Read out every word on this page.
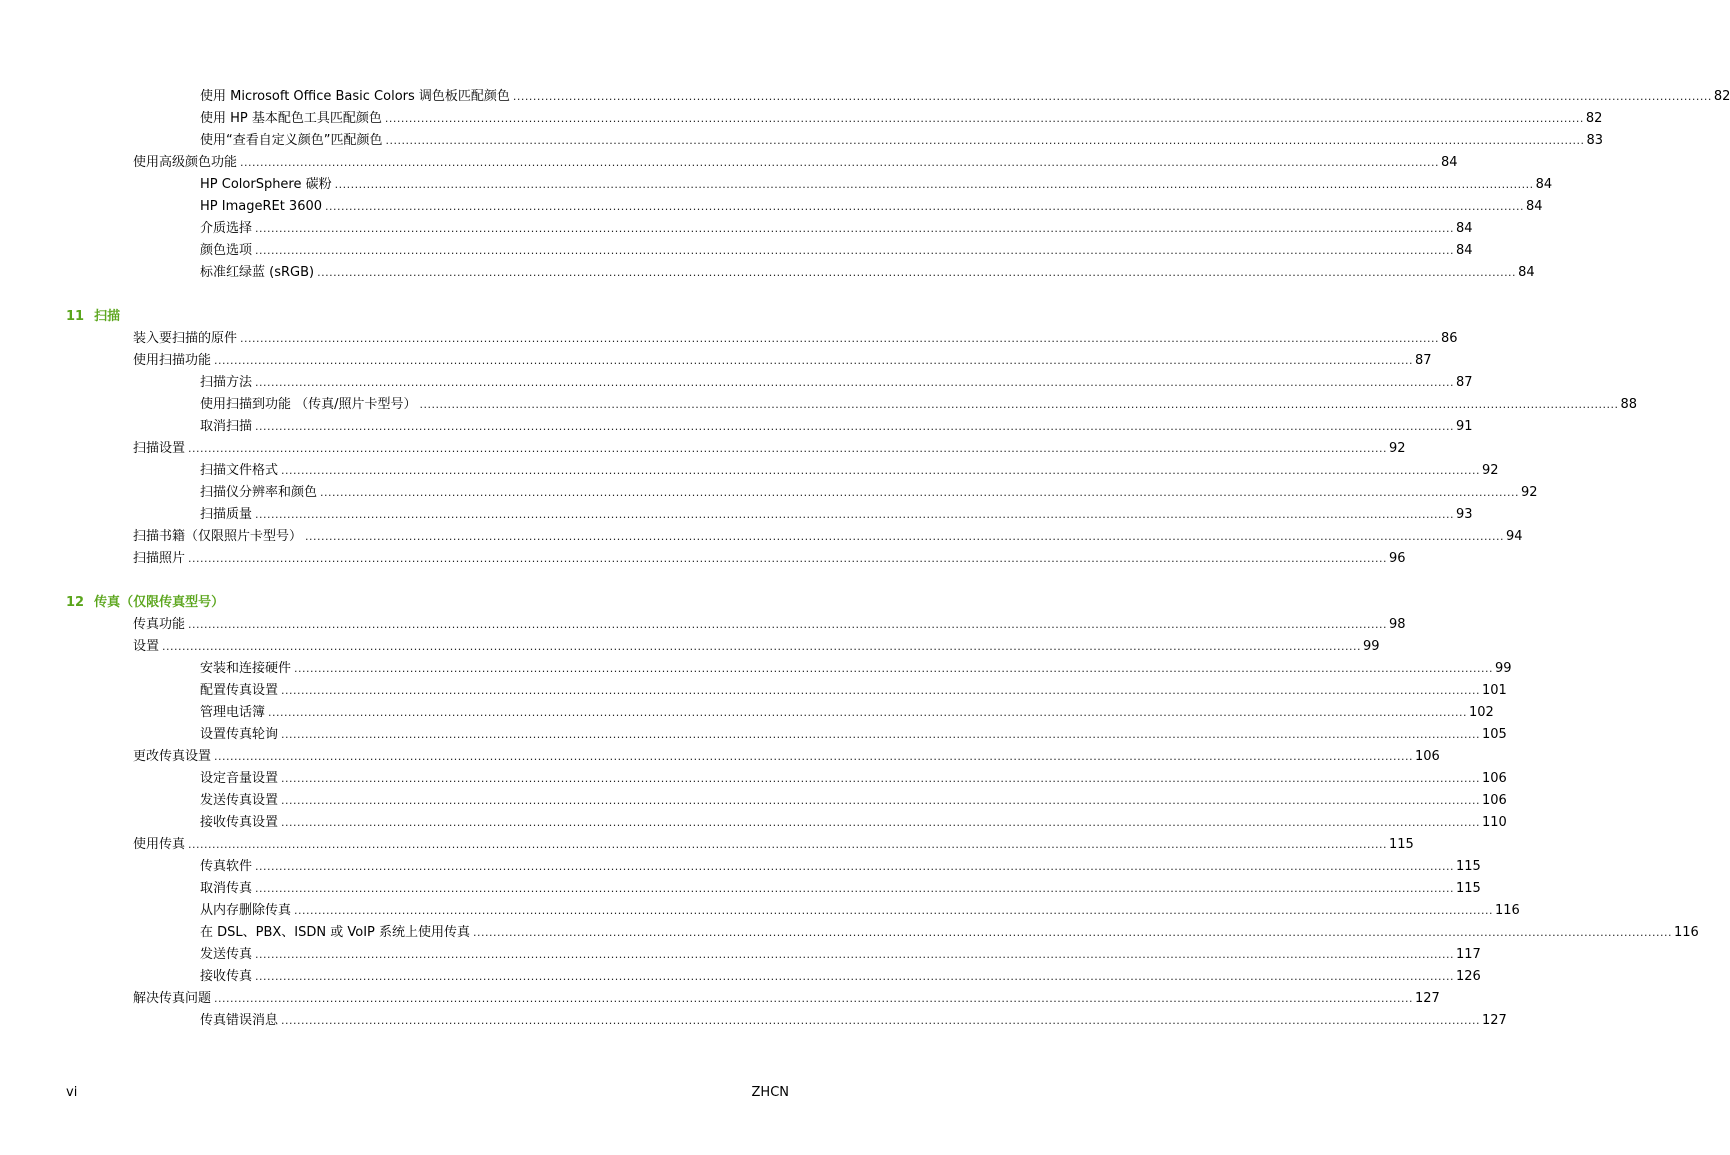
使用 Microsoft Office Basic Colors 调色板匹配颜色 ............................................................................................................................................................................................................................................................................................................ 82
使用 HP 基本配色工具匹配颜色 ............................................................................................................................................................................................................................................................................................................ 82
使用“查看自定义颜色”匹配颜色 ............................................................................................................................................................................................................................................................................................................ 83
使用高级颜色功能 ............................................................................................................................................................................................................................................................................................................ 84
HP ColorSphere 碳粉 ............................................................................................................................................................................................................................................................................................................ 84
HP ImageREt 3600 ............................................................................................................................................................................................................................................................................................................ 84
介质选择 ............................................................................................................................................................................................................................................................................................................ 84
颜色选项 ............................................................................................................................................................................................................................................................................................................ 84
标准红绿蓝 (sRGB) ............................................................................................................................................................................................................................................................................................................ 84
11 扫描
装入要扫描的原件 ............................................................................................................................................................................................................................................................................................................ 86
使用扫描功能 ............................................................................................................................................................................................................................................................................................................ 87
扫描方法 ............................................................................................................................................................................................................................................................................................................ 87
使用扫描到功能 （传真/照片卡型号） ............................................................................................................................................................................................................................................................................................................ 88
取消扫描 ............................................................................................................................................................................................................................................................................................................ 91
扫描设置 ............................................................................................................................................................................................................................................................................................................ 92
扫描文件格式 ............................................................................................................................................................................................................................................................................................................ 92
扫描仪分辨率和颜色 ............................................................................................................................................................................................................................................................................................................ 92
扫描质量 ............................................................................................................................................................................................................................................................................................................ 93
扫描书籍（仅限照片卡型号） ............................................................................................................................................................................................................................................................................................................ 94
扫描照片 ............................................................................................................................................................................................................................................................................................................ 96
12 传真（仅限传真型号）
传真功能 ............................................................................................................................................................................................................................................................................................................ 98
设置 ............................................................................................................................................................................................................................................................................................................ 99
安装和连接硬件 ............................................................................................................................................................................................................................................................................................................ 99
配置传真设置 ............................................................................................................................................................................................................................................................................................................ 101
管理电话簿 ............................................................................................................................................................................................................................................................................................................ 102
设置传真轮询 ............................................................................................................................................................................................................................................................................................................ 105
更改传真设置 ............................................................................................................................................................................................................................................................................................................ 106
设定音量设置 ............................................................................................................................................................................................................................................................................................................ 106
发送传真设置 ............................................................................................................................................................................................................................................................................................................ 106
接收传真设置 ............................................................................................................................................................................................................................................................................................................ 110
使用传真 ............................................................................................................................................................................................................................................................................................................ 115
传真软件 ............................................................................................................................................................................................................................................................................................................ 115
取消传真 ............................................................................................................................................................................................................................................................................................................ 115
从内存删除传真 ............................................................................................................................................................................................................................................................................................................ 116
在 DSL、PBX、ISDN 或 VoIP 系统上使用传真 ............................................................................................................................................................................................................................................................................................................ 116
发送传真 ............................................................................................................................................................................................................................................................................................................ 117
接收传真 ............................................................................................................................................................................................................................................................................................................ 126
解决传真问题 ............................................................................................................................................................................................................................................................................................................ 127
传真错误消息 ............................................................................................................................................................................................................................................................................................................ 127
vi	ZHCN
